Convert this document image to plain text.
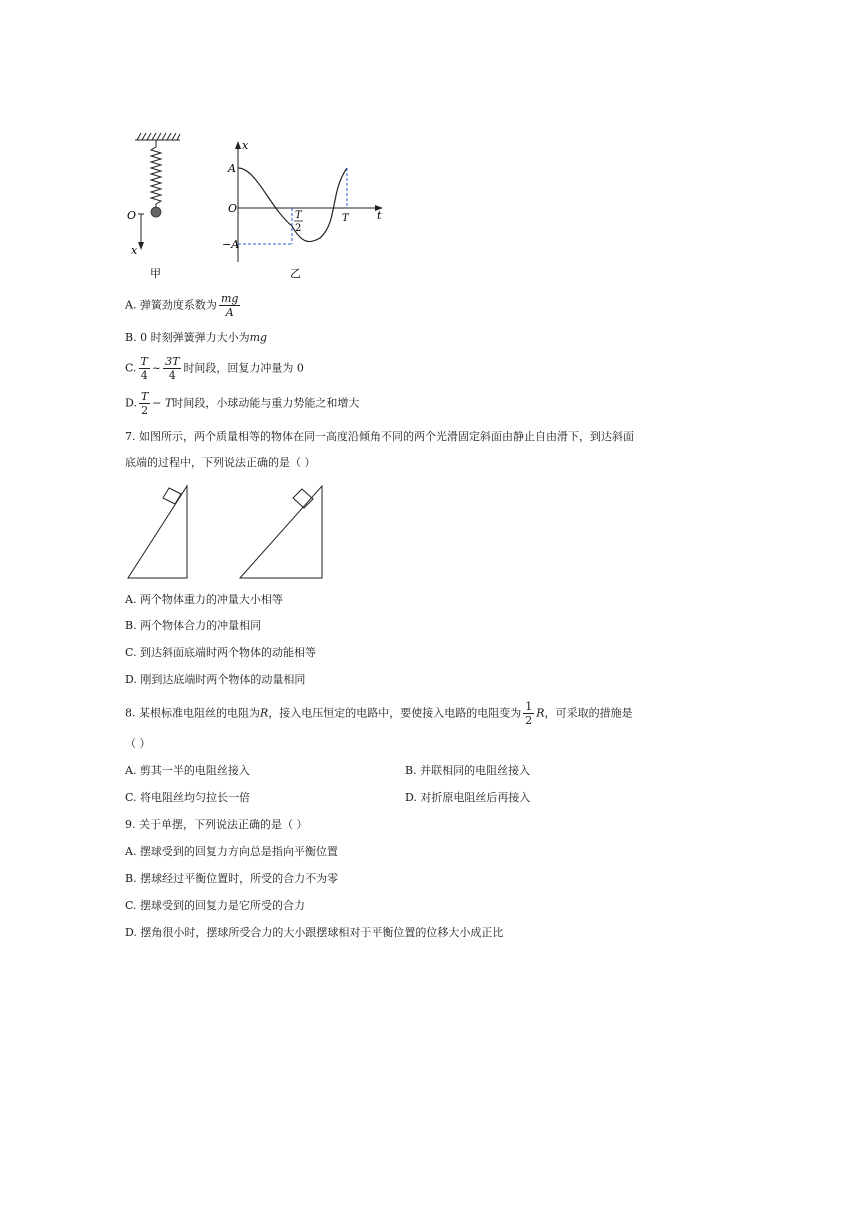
O
x
x
t
A
O
−A
T
2
T
甲	乙
A. 弹簧劲度系数为 $\frac{mg}{A}$
B. 0 时刻弹簧弹力大小为mg
C. $\frac{T}{4}$ ~ $\frac{3T}{4}$ 时间段，回复力冲量为 0
D. $\frac{T}{2} - T$时间段，小球动能与重力势能之和增大
7. 如图所示，两个质量相等的物体在同一高度沿倾角不同的两个光滑固定斜面由静止自由滑下，到达斜面
底端的过程中，下列说法正确的是（ ）
A. 两个物体重力的冲量大小相等
B. 两个物体合力的冲量相同
C. 到达斜面底端时两个物体的动能相等
D. 刚到达底端时两个物体的动量相同
8. 某根标准电阻丝的电阻为R，接入电压恒定的电路中，要使接入电路的电阻变为 $\frac{1}{2}$ R，可采取的措施是
（ ）
A. 剪其一半的电阻丝接入	B. 并联相同的电阻丝接入
C. 将电阻丝均匀拉长一倍	D. 对折原电阻丝后再接入
9. 关于单摆，下列说法正确的是（ ）
A. 摆球受到的回复力方向总是指向平衡位置
B. 摆球经过平衡位置时，所受的合力不为零
C. 摆球受到的回复力是它所受的合力
D. 摆角很小时，摆球所受合力的大小跟摆球相对于平衡位置的位移大小成正比
